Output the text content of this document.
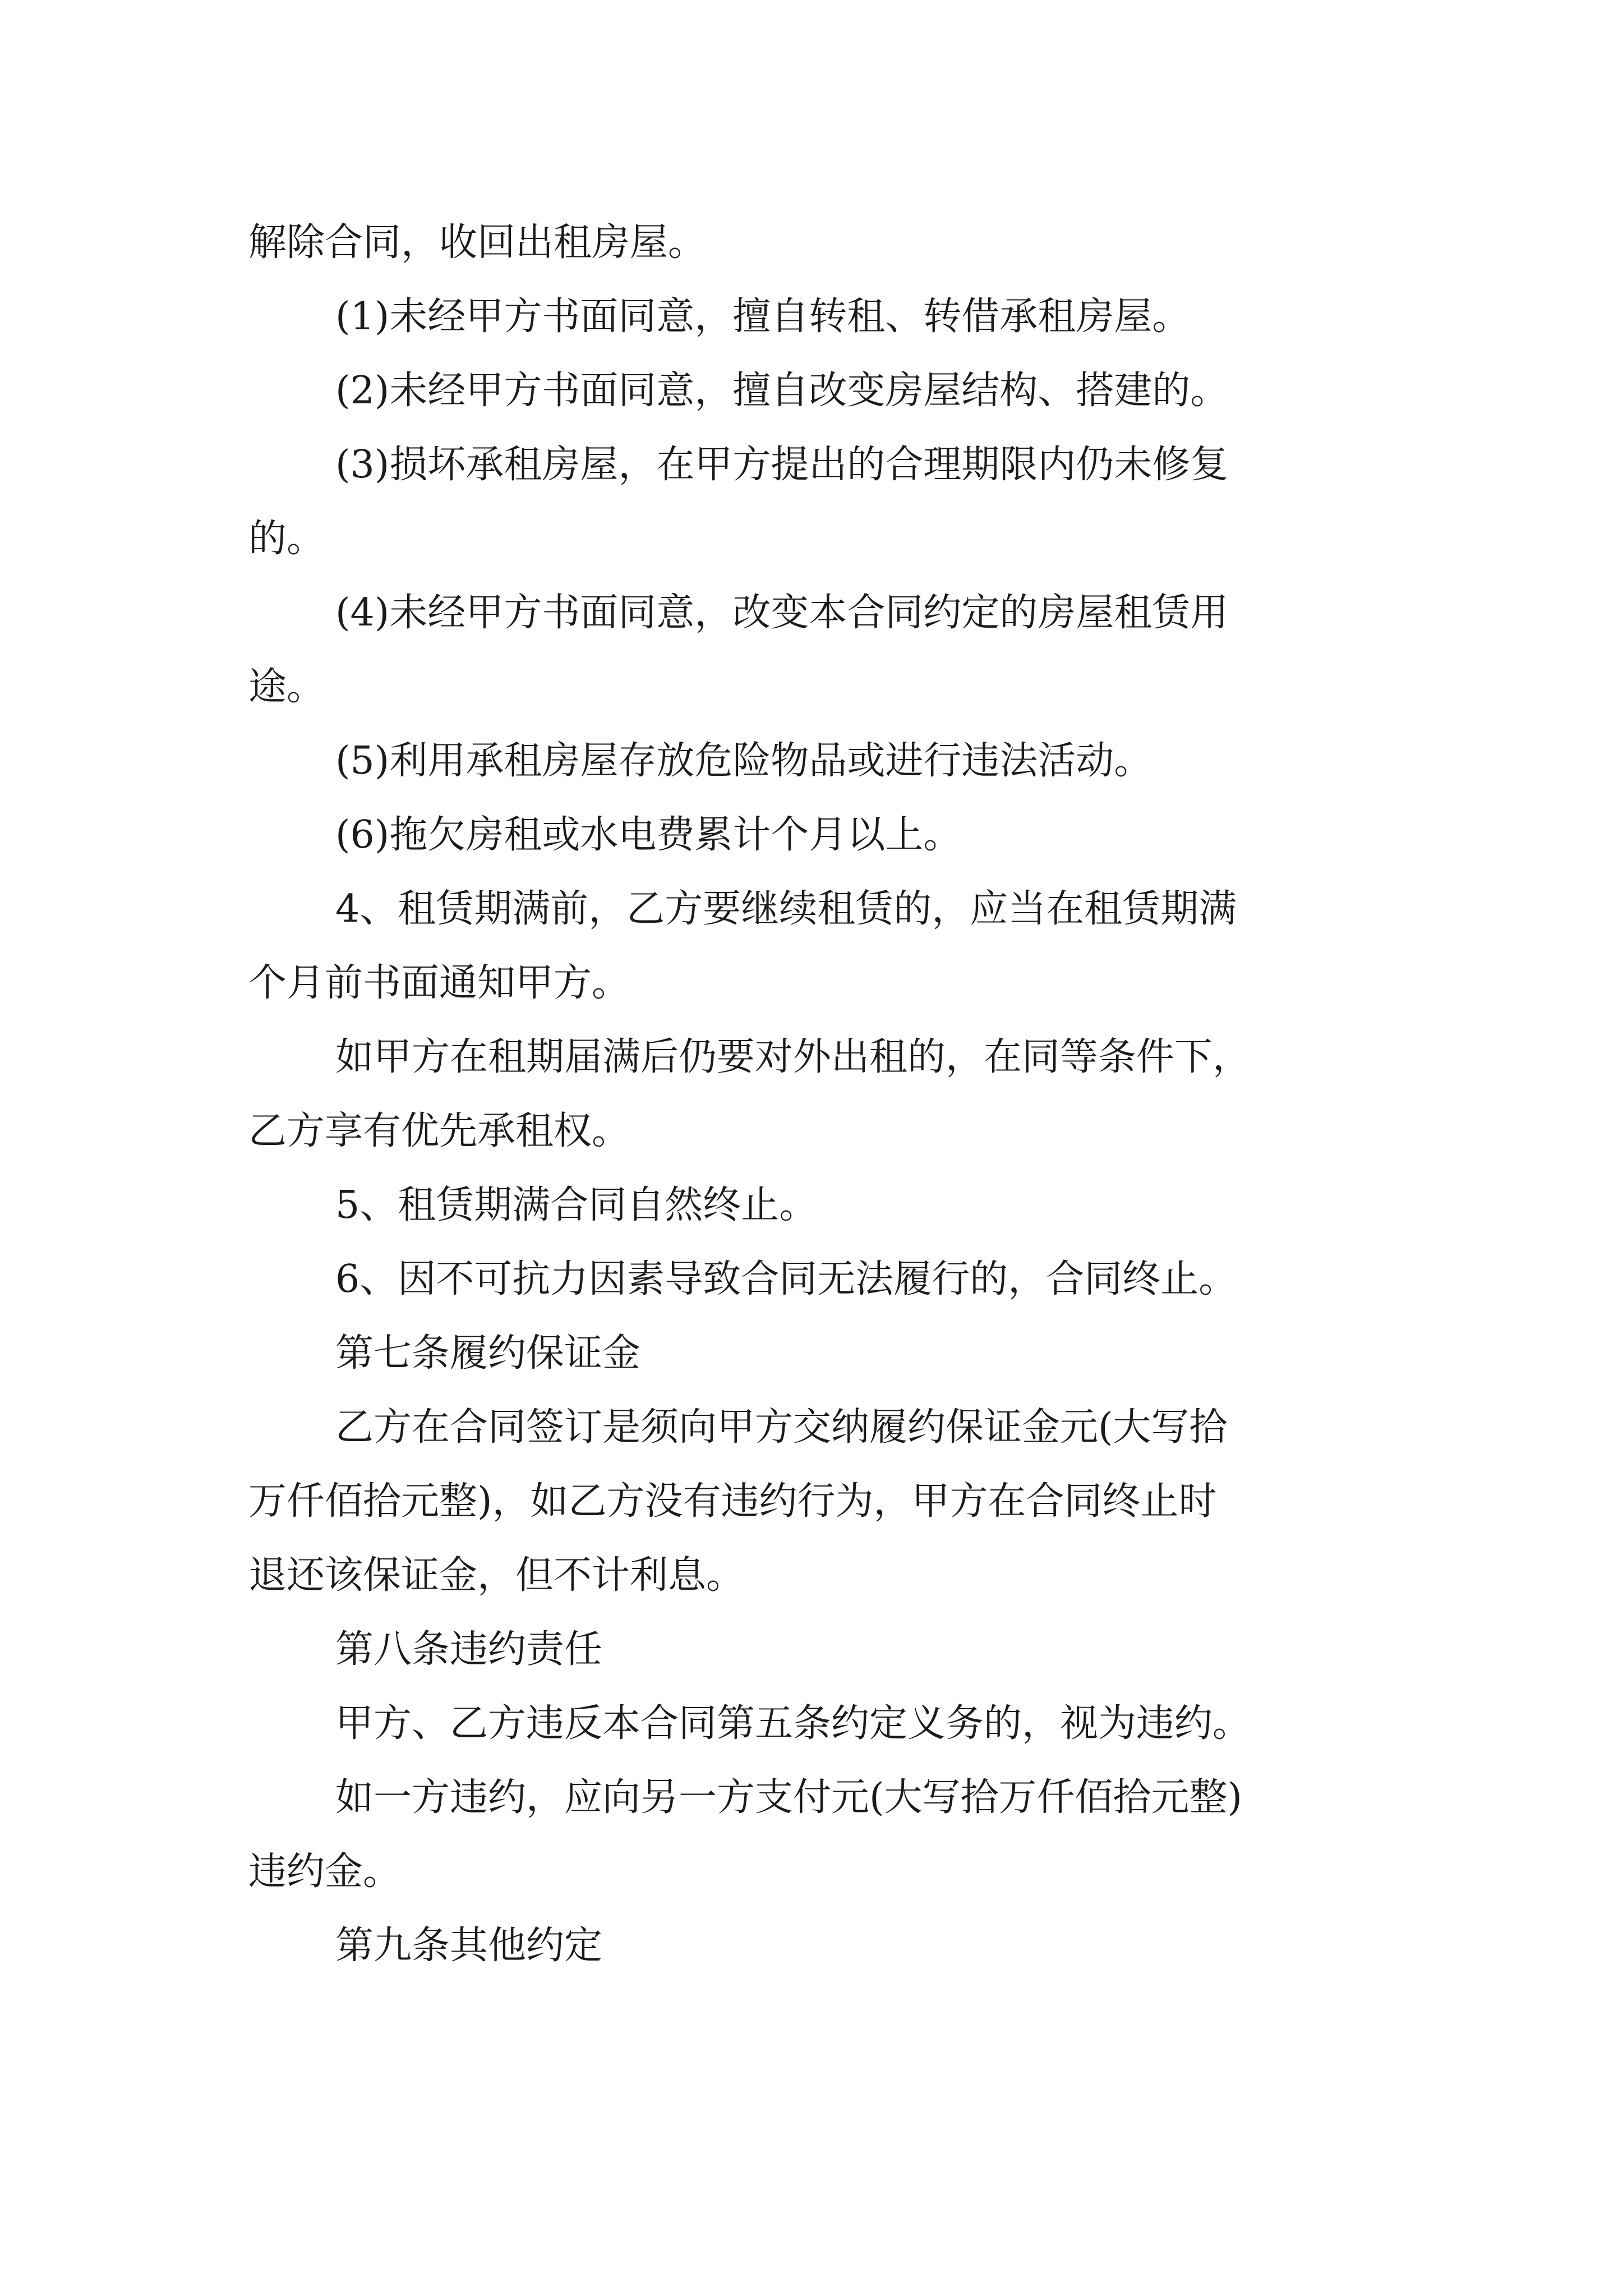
解除合同，收回出租房屋。
(1)未经甲方书面同意，擅自转租、转借承租房屋。
(2)未经甲方书面同意，擅自改变房屋结构、搭建的。
(3)损坏承租房屋，在甲方提出的合理期限内仍未修复
的。
(4)未经甲方书面同意，改变本合同约定的房屋租赁用
途。
(5)利用承租房屋存放危险物品或进行违法活动。
(6)拖欠房租或水电费累计个月以上。
4、租赁期满前，乙方要继续租赁的，应当在租赁期满
个月前书面通知甲方。
如甲方在租期届满后仍要对外出租的，在同等条件下，
乙方享有优先承租权。
5、租赁期满合同自然终止。
6、因不可抗力因素导致合同无法履行的，合同终止。
第七条履约保证金
乙方在合同签订是须向甲方交纳履约保证金元(大写拾
万仟佰拾元整)，如乙方没有违约行为，甲方在合同终止时
退还该保证金，但不计利息。
第八条违约责任
甲方、乙方违反本合同第五条约定义务的，视为违约。
如一方违约，应向另一方支付元(大写拾万仟佰拾元整)
违约金。
第九条其他约定
